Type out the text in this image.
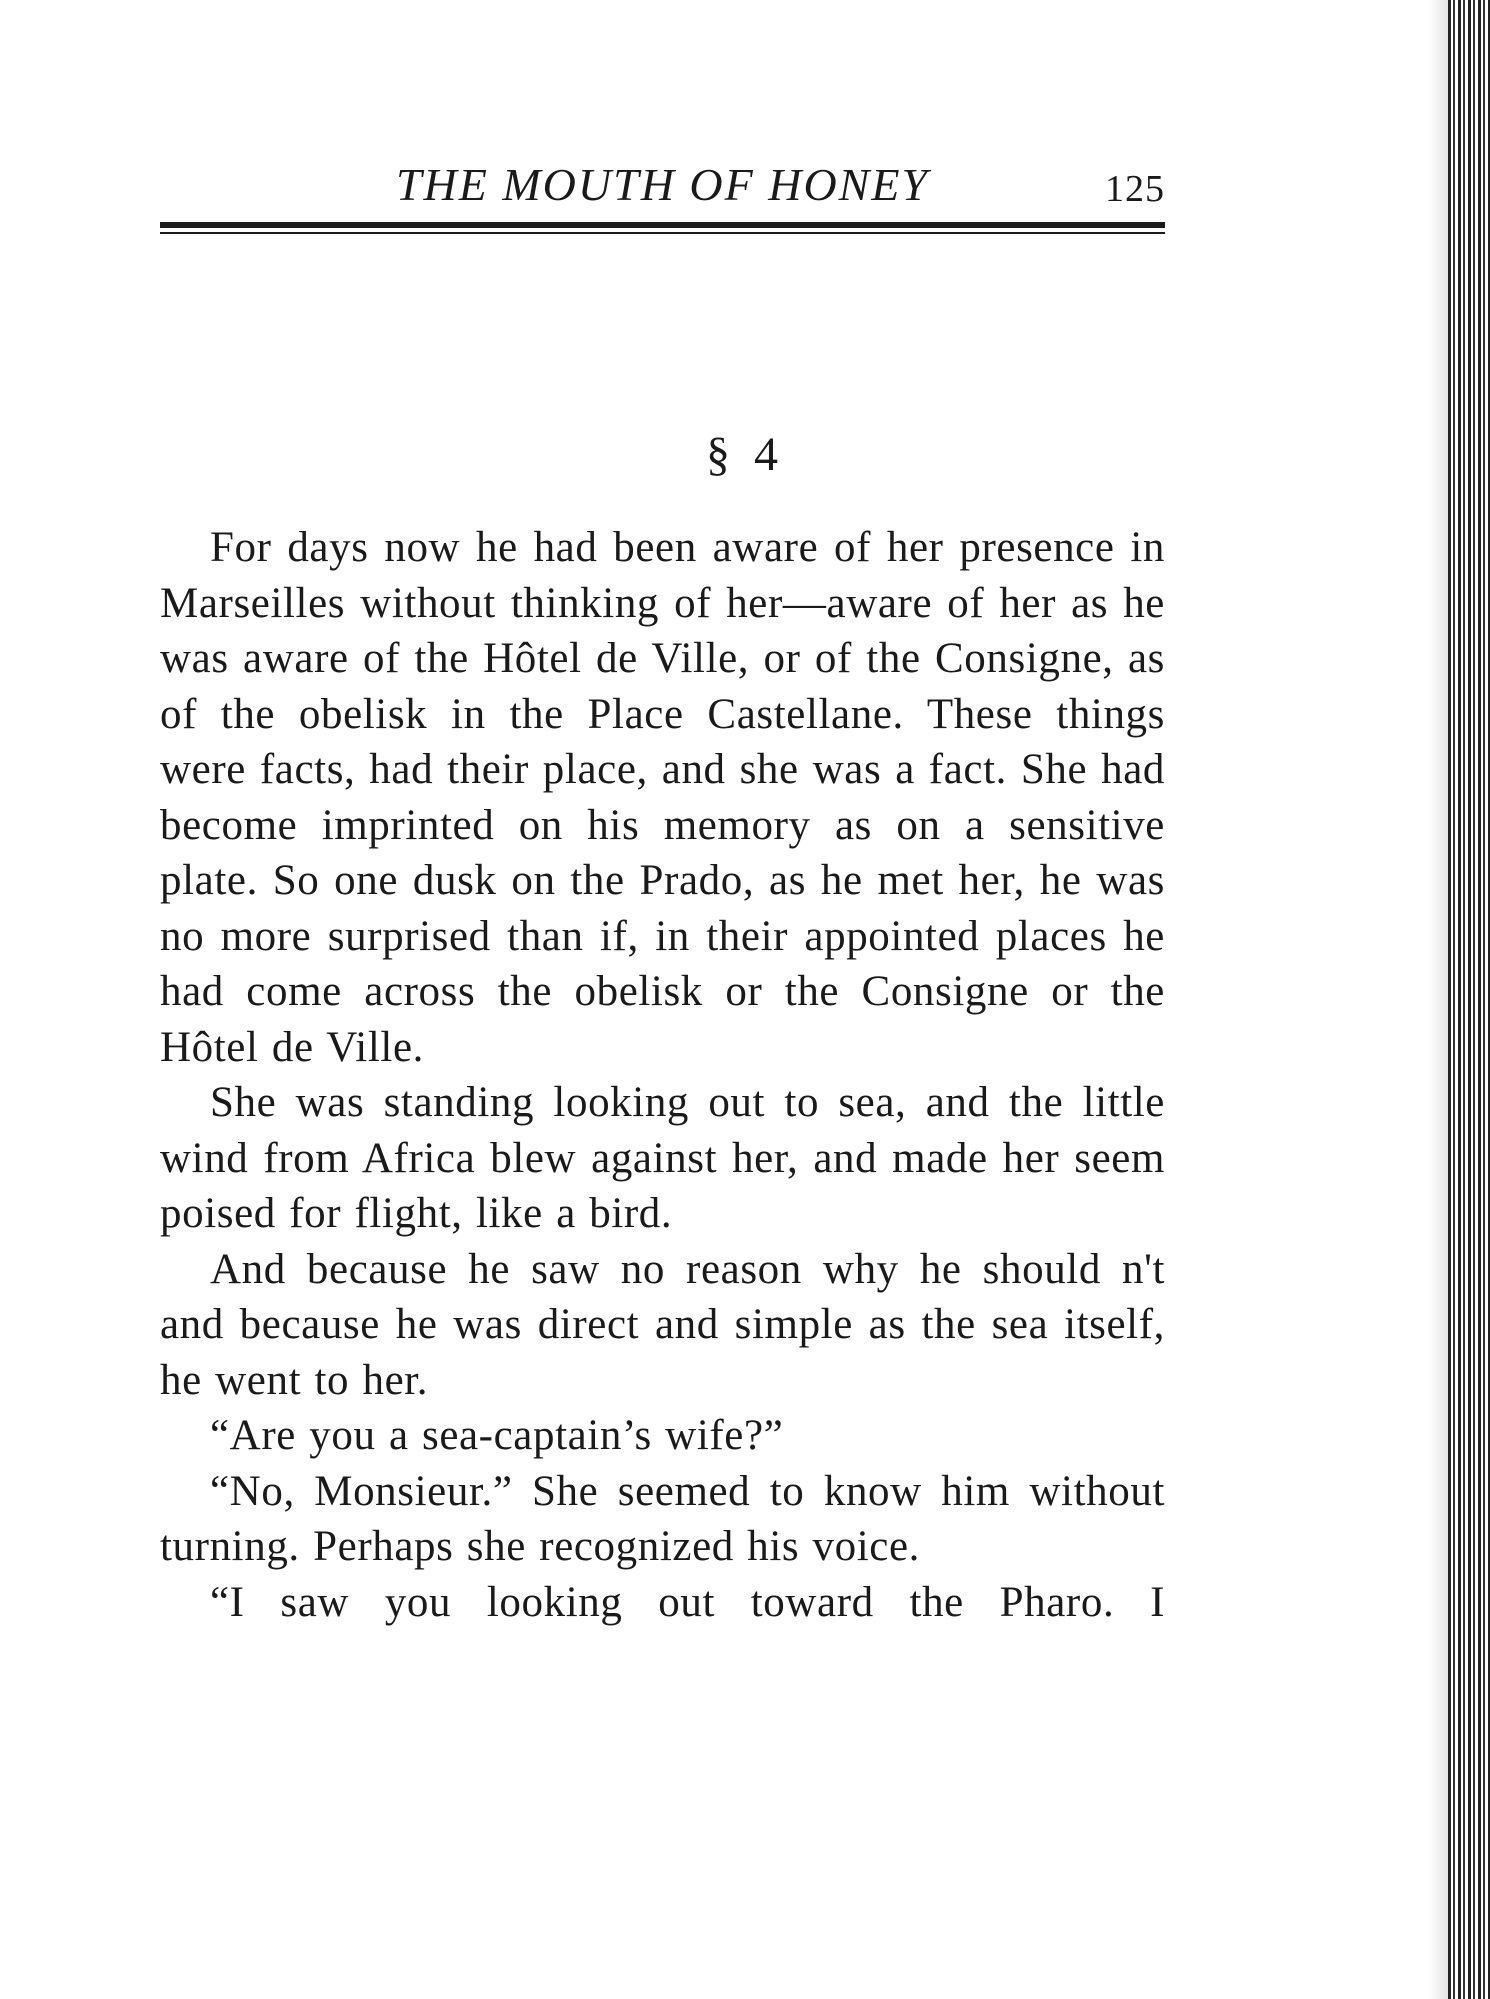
THE MOUTH OF HONEY	125
§ 4

For days now he had been aware of her presence in Marseilles without thinking of her—aware of her as he was aware of the Hôtel de Ville, or of the Consigne, as of the obelisk in the Place Castellane. These things were facts, had their place, and she was a fact. She had become imprinted on his memory as on a sensitive plate. So one dusk on the Prado, as he met her, he was no more surprised than if, in their appointed places he had come across the obelisk or the Consigne or the Hôtel de Ville.

She was standing looking out to sea, and the little wind from Africa blew against her, and made her seem poised for flight, like a bird.

And because he saw no reason why he should n't and because he was direct and simple as the sea itself, he went to her.

“Are you a sea-captain’s wife?”

“No, Monsieur.” She seemed to know him without turning. Perhaps she recognized his voice.

“I saw you looking out toward the Pharo. I
